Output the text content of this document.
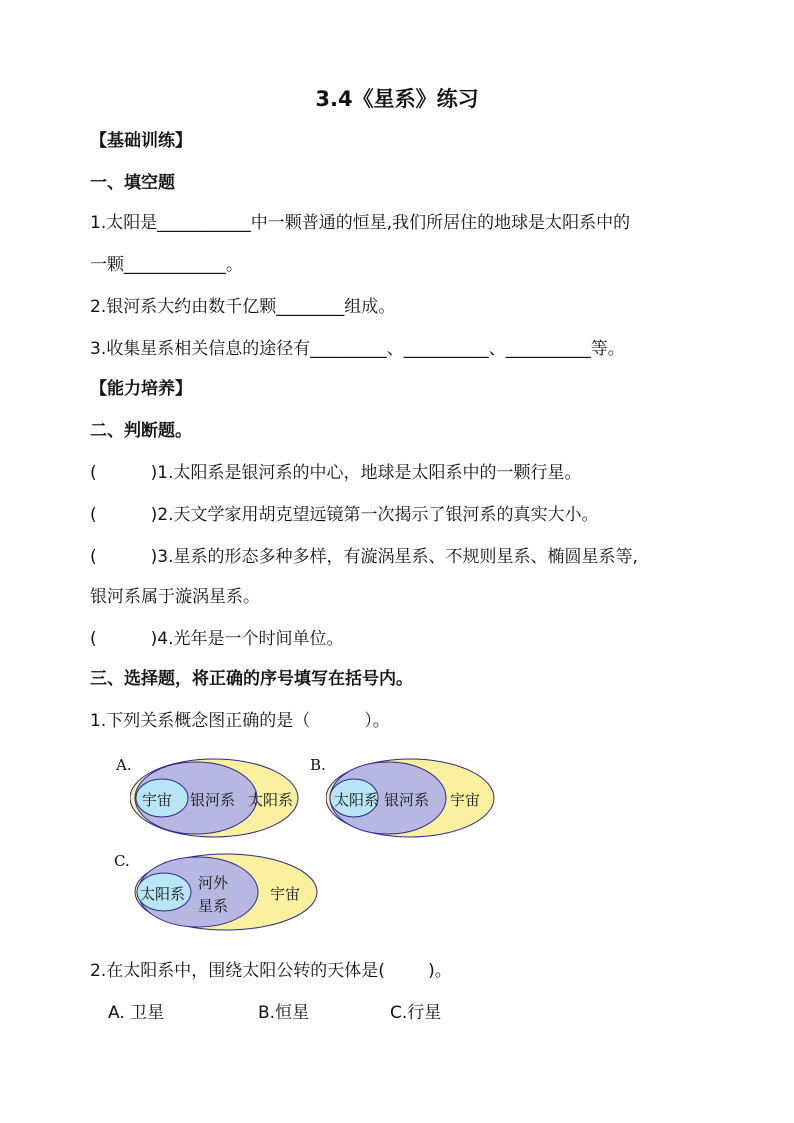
3.4《星系》练习
【基础训练】
一、填空题
1.太阳是___________中一颗普通的恒星,我们所居住的地球是太阳系中的
一颗____________。
2.银河系大约由数千亿颗________组成。
3.收集星系相关信息的途径有_________、__________、__________等。
【能力培养】
二、判断题。
(          )1.太阳系是银河系的中心，地球是太阳系中的一颗行星。
(          )2.天文学家用胡克望远镜第一次揭示了银河系的真实大小。
(          )3.星系的形态多种多样，有漩涡星系、不规则星系、椭圆星系等,
银河系属于漩涡星系。
(          )4.光年是一个时间单位。
三、选择题，将正确的序号填写在括号内。
1.下列关系概念图正确的是（          ）。
A.
宇宙 银河系 太阳系
B.
太阳系 银河系 宇宙
C.
太阳系
河外
星系
宇宙
2.在太阳系中，围绕太阳公转的天体是(        )。
A. 卫星	B.恒星	C.行星
